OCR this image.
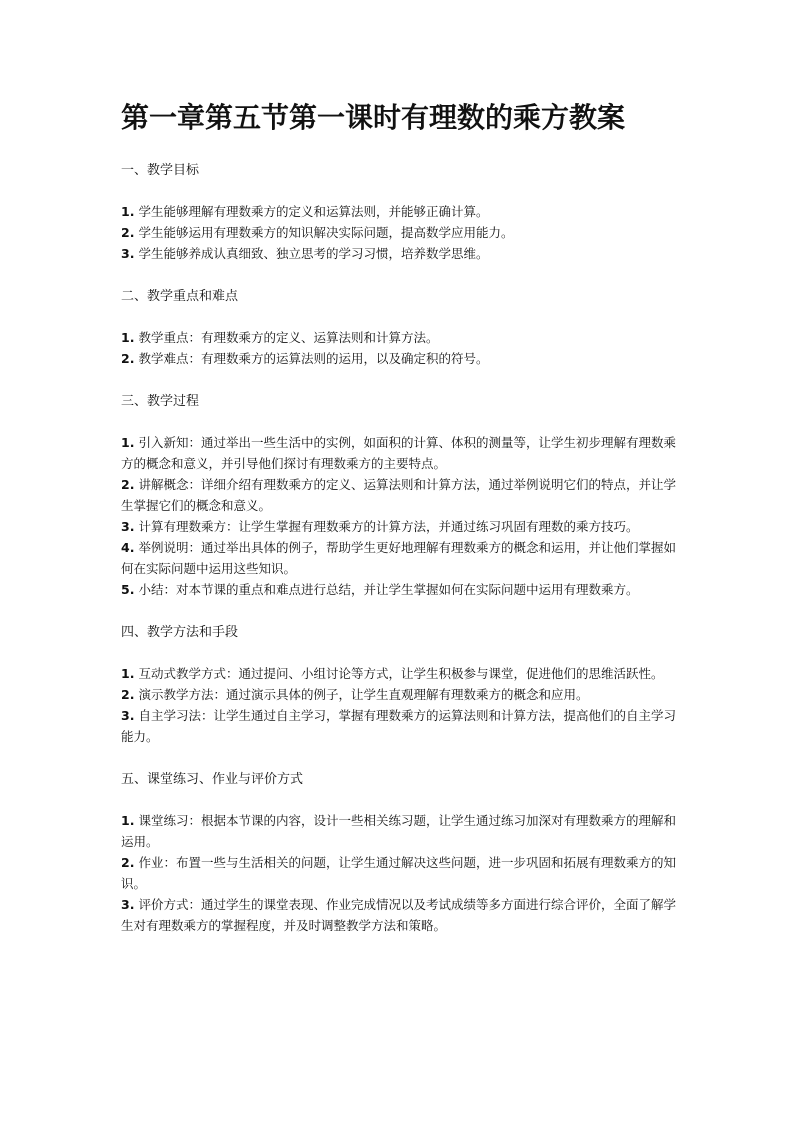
第一章第五节第一课时有理数的乘方教案

一、教学目标

1. 学生能够理解有理数乘方的定义和运算法则，并能够正确计算。
2. 学生能够运用有理数乘方的知识解决实际问题，提高数学应用能力。
3. 学生能够养成认真细致、独立思考的学习习惯，培养数学思维。

二、教学重点和难点

1. 教学重点：有理数乘方的定义、运算法则和计算方法。
2. 教学难点：有理数乘方的运算法则的运用，以及确定积的符号。

三、教学过程

1. 引入新知：通过举出一些生活中的实例，如面积的计算、体积的测量等，让学生初步理解有理数乘方的概念和意义，并引导他们探讨有理数乘方的主要特点。
2. 讲解概念：详细介绍有理数乘方的定义、运算法则和计算方法，通过举例说明它们的特点，并让学生掌握它们的概念和意义。
3. 计算有理数乘方：让学生掌握有理数乘方的计算方法，并通过练习巩固有理数的乘方技巧。
4. 举例说明：通过举出具体的例子，帮助学生更好地理解有理数乘方的概念和运用，并让他们掌握如何在实际问题中运用这些知识。
5. 小结：对本节课的重点和难点进行总结，并让学生掌握如何在实际问题中运用有理数乘方。

四、教学方法和手段

1. 互动式教学方式：通过提问、小组讨论等方式，让学生积极参与课堂，促进他们的思维活跃性。
2. 演示教学方法：通过演示具体的例子，让学生直观理解有理数乘方的概念和应用。
3. 自主学习法：让学生通过自主学习，掌握有理数乘方的运算法则和计算方法，提高他们的自主学习能力。

五、课堂练习、作业与评价方式

1. 课堂练习：根据本节课的内容，设计一些相关练习题，让学生通过练习加深对有理数乘方的理解和运用。
2. 作业：布置一些与生活相关的问题，让学生通过解决这些问题，进一步巩固和拓展有理数乘方的知识。
3. 评价方式：通过学生的课堂表现、作业完成情况以及考试成绩等多方面进行综合评价，全面了解学生对有理数乘方的掌握程度，并及时调整教学方法和策略。
